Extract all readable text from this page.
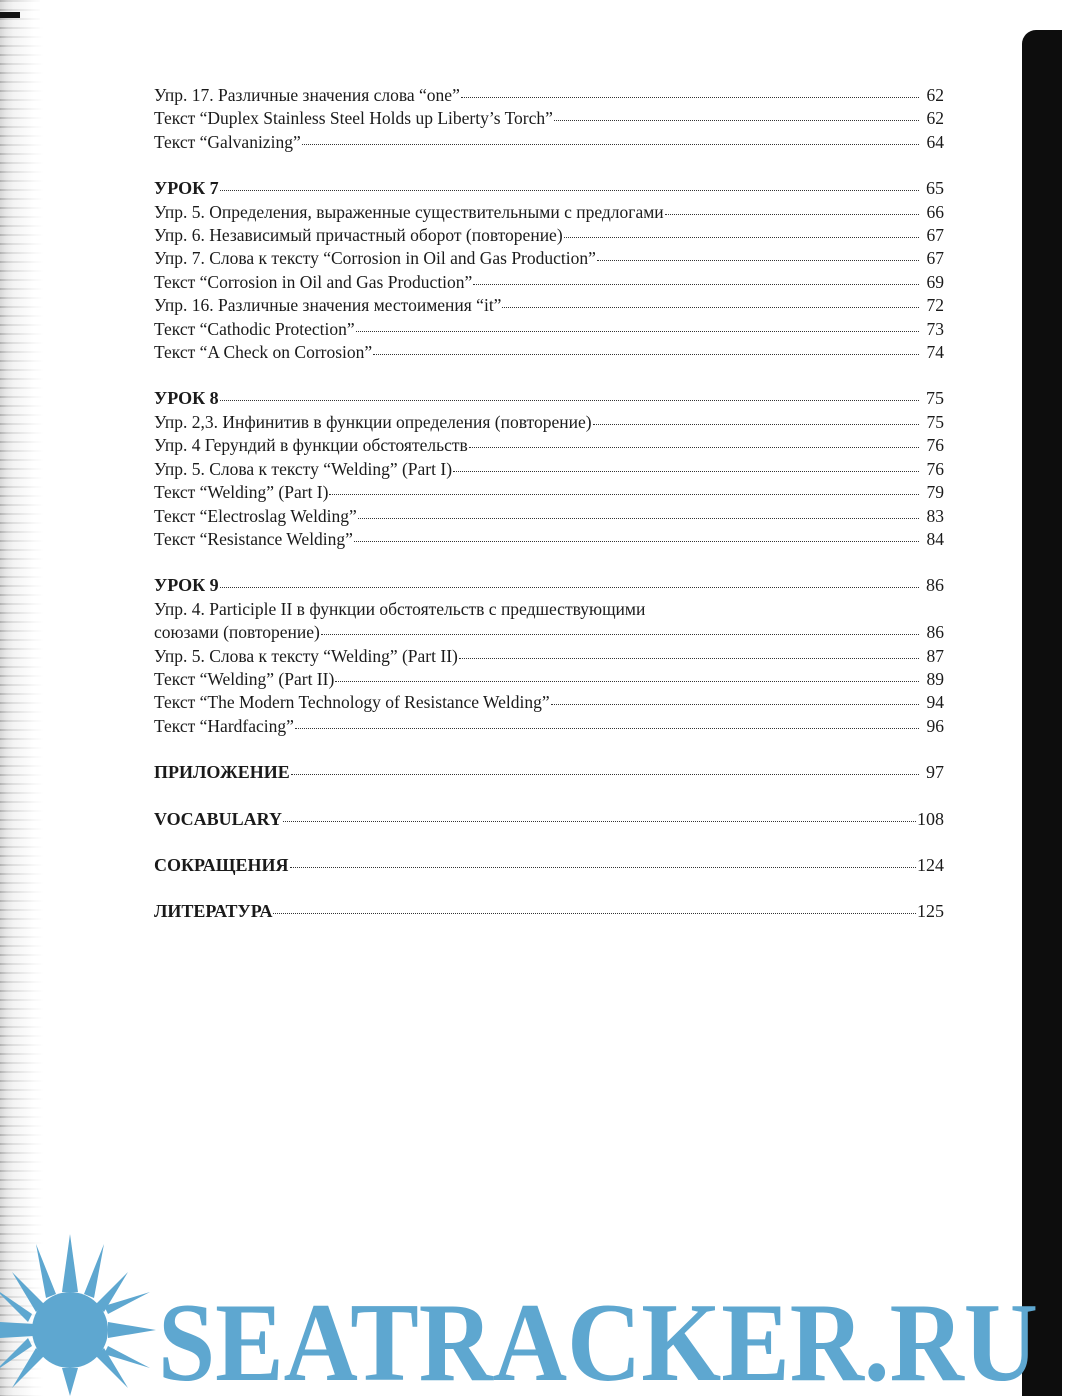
Упр. 17. Различные значения слова “one”	62
Текст “Duplex Stainless Steel Holds up Liberty’s Torch”	62
Текст “Galvanizing”	64
УРОК 7	65
Упр. 5. Определения, выраженные существительными с предлогами	66
Упр. 6. Независимый причастный оборот (повторение)	67
Упр. 7. Слова к тексту “Corrosion in Oil and Gas Production”	67
Текст “Corrosion in Oil and Gas Production”	69
Упр. 16. Различные значения местоимения “it”	72
Текст “Cathodic Protection”	73
Текст “A Check on Corrosion”	74
УРОК 8	75
Упр. 2,3. Инфинитив в функции определения (повторение)	75
Упр. 4 Герундий в функции обстоятельств	76
Упр. 5. Слова к тексту “Welding” (Part I)	76
Текст “Welding” (Part I)	79
Текст “Electroslag Welding”	83
Текст “Resistance Welding”	84
УРОК 9	86
Упр. 4. Participle II в функции обстоятельств с предшествующими
союзами (повторение)	86
Упр. 5. Слова к тексту “Welding” (Part II)	87
Текст “Welding” (Part II)	89
Текст “The Modern Technology of Resistance Welding”	94
Текст “Hardfacing”	96
ПРИЛОЖЕНИЕ	97
VOCABULARY	108
СОКРАЩЕНИЯ	124
ЛИТЕРАТУРА	125
SEATRACKER.RU
